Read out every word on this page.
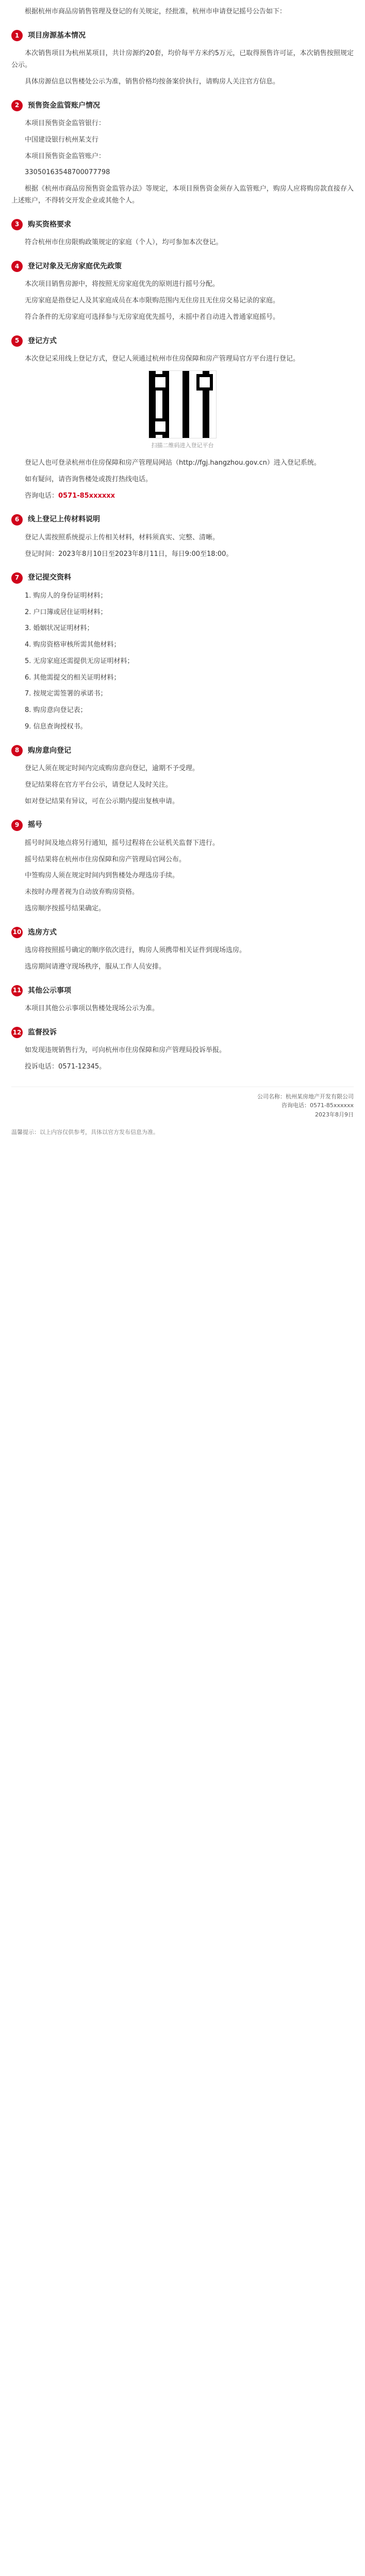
根据杭州市商品房销售管理及登记的有关规定，经批准，杭州市申请登记摇号公告如下：

1	项目房源基本情况

本次销售项目为杭州某项目，共计房源约20套，均价每平方米约5万元，已取得预售许可证，本次销售按照规定公示。

具体房源信息以售楼处公示为准，销售价格均按备案价执行，请购房人关注官方信息。

2	预售资金监管账户情况

本项目预售资金监管银行：

中国建设银行杭州某支行

本项目预售资金监管账户：

33050163548700077798

根据《杭州市商品房预售资金监管办法》等规定，本项目预售资金须存入监管账户，购房人应将购房款直接存入上述账户，不得转交开发企业或其他个人。

3	购买资格要求

符合杭州市住房限购政策规定的家庭（个人），均可参加本次登记。

4	登记对象及无房家庭优先政策

本次项目销售房源中，将按照无房家庭优先的原则进行摇号分配。

无房家庭是指登记人及其家庭成员在本市限购范围内无住房且无住房交易记录的家庭。

符合条件的无房家庭可选择参与无房家庭优先摇号，未摇中者自动进入普通家庭摇号。

5	登记方式

本次登记采用线上登记方式，登记人须通过杭州市住房保障和房产管理局官方平台进行登记。

扫描二维码进入登记平台

登记人也可登录杭州市住房保障和房产管理局网站（http://fgj.hangzhou.gov.cn）进入登记系统。

如有疑问，请咨询售楼处或拨打热线电话。

咨询电话：0571-85xxxxxx

6	线上登记上传材料说明

登记人需按照系统提示上传相关材料，材料须真实、完整、清晰。

登记时间：2023年8月10日至2023年8月11日，每日9:00至18:00。

7	登记提交资料

1. 购房人的身份证明材料；

2. 户口簿或居住证明材料；

3. 婚姻状况证明材料；

4. 购房资格审核所需其他材料；

5. 无房家庭还需提供无房证明材料；

6. 其他需提交的相关证明材料；

7. 按规定需签署的承诺书；

8. 购房意向登记表；

9. 信息查询授权书。

8	购房意向登记

登记人须在规定时间内完成购房意向登记，逾期不予受理。

登记结果将在官方平台公示，请登记人及时关注。

如对登记结果有异议，可在公示期内提出复核申请。

9	摇号

摇号时间及地点将另行通知，摇号过程将在公证机关监督下进行。

摇号结果将在杭州市住房保障和房产管理局官网公布。

中签购房人须在规定时间内到售楼处办理选房手续。

未按时办理者视为自动放弃购房资格。

选房顺序按摇号结果确定。

10 选房方式

选房将按照摇号确定的顺序依次进行，购房人须携带相关证件到现场选房。

选房期间请遵守现场秩序，服从工作人员安排。

11 其他公示事项

本项目其他公示事项以售楼处现场公示为准。

12 监督投诉

如发现违规销售行为，可向杭州市住房保障和房产管理局投诉举报。

投诉电话：0571-12345。

公司名称：杭州某房地产开发有限公司
咨询电话：0571-85xxxxxx
2023年8月9日

温馨提示：以上内容仅供参考，具体以官方发布信息为准。
